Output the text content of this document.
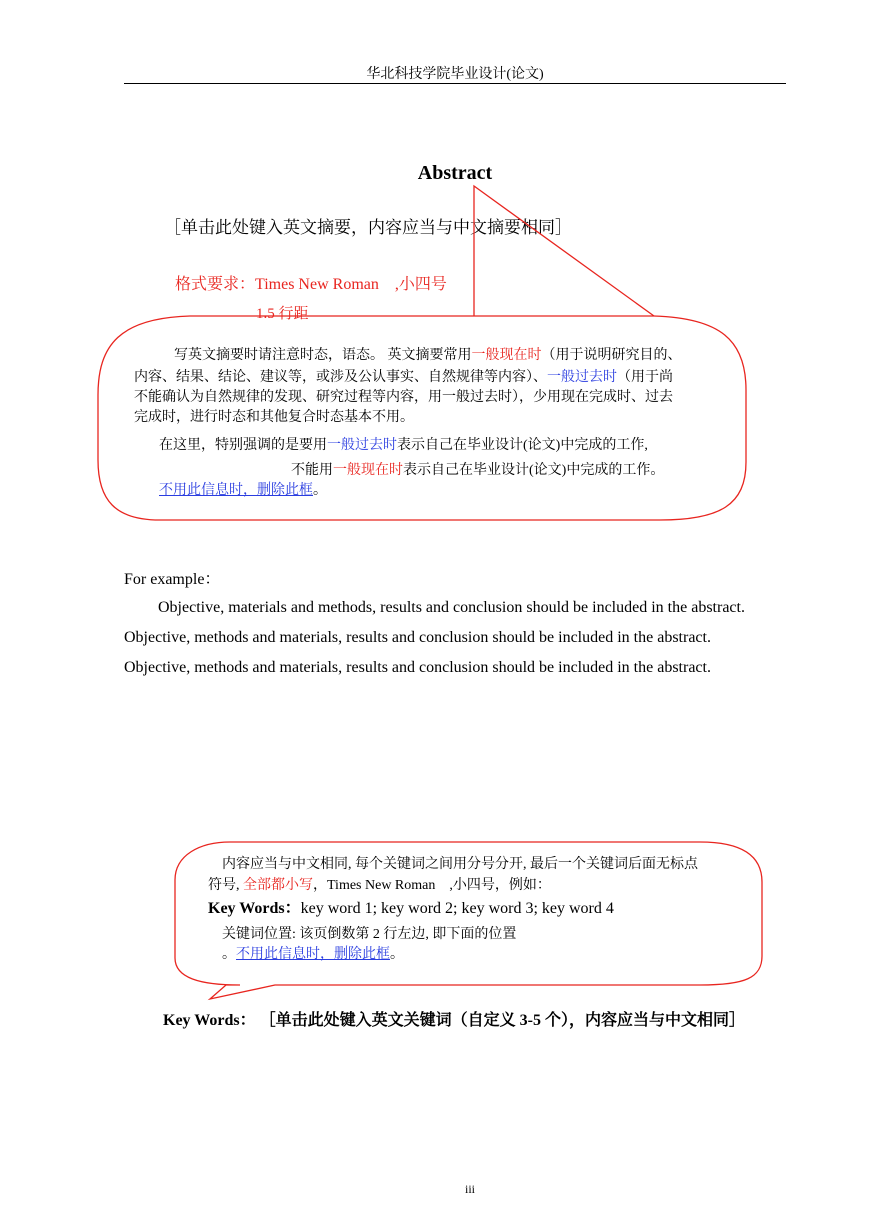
华北科技学院毕业设计(论文)
Abstract
［单击此处键入英文摘要，内容应当与中文摘要相同］
格式要求：Times New Roman　,小四号
1.5 行距
写英文摘要时请注意时态，语态。 英文摘要常用一般现在时（用于说明研究目的、
内容、结果、结论、建议等，或涉及公认事实、自然规律等内容）、一般过去时（用于尚
不能确认为自然规律的发现、研究过程等内容，用一般过去时），少用现在完成时、过去
完成时，进行时态和其他复合时态基本不用。
在这里，特别强调的是要用一般过去时表示自己在毕业设计(论文)中完成的工作,
不能用一般现在时表示自己在毕业设计(论文)中完成的工作。
不用此信息时，删除此框。
For example：
Objective, materials and methods, results and conclusion should be included in the abstract.
Objective, methods and materials, results and conclusion should be included in the abstract.
Objective, methods and materials, results and conclusion should be included in the abstract.
内容应当与中文相同, 每个关键词之间用分号分开, 最后一个关键词后面无标点
符号, 全部都小写，Times New Roman　,小四号，例如：
Key Words：key word 1; key word 2; key word 3; key word 4
关键词位置: 该页倒数第 2 行左边, 即下面的位置
。不用此信息时，删除此框。
Key Words： ［单击此处键入英文关键词（自定义 3-5 个），内容应当与中文相同］
iii
